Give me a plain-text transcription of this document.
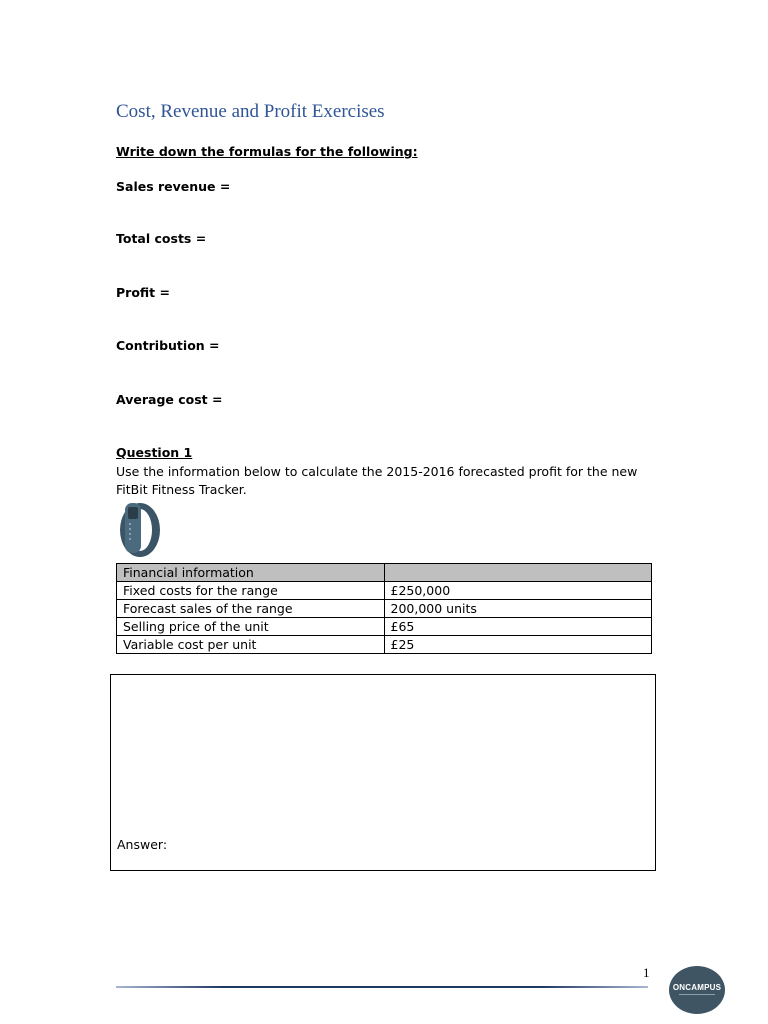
Cost, Revenue and Profit Exercises
Write down the formulas for the following:
Sales revenue =
Total costs =
Profit =
Contribution =
Average cost =
Question 1
Use the information below to calculate the 2015-2016 forecasted profit for the new FitBit Fitness Tracker.
Financial information	
Fixed costs for the range	£250,000
Forecast sales of the range	200,000 units
Selling price of the unit	£65
Variable cost per unit	£25
Answer:
1
ONCAMPUS
